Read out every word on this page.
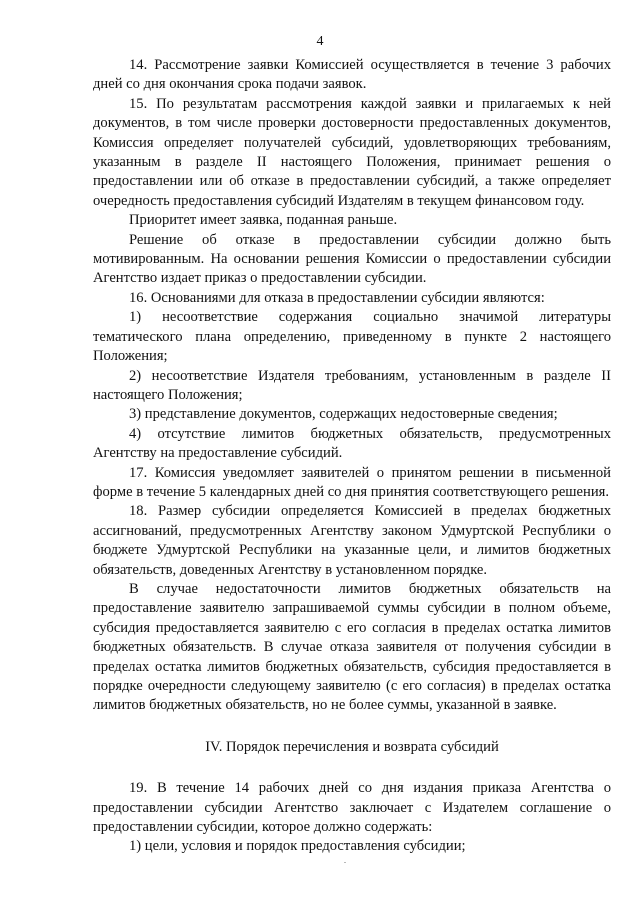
4

14. Рассмотрение заявки Комиссией осуществляется в течение 3 рабочих дней со дня окончания срока подачи заявок.

15. По результатам рассмотрения каждой заявки и прилагаемых к ней документов, в том числе проверки достоверности предоставленных документов, Комиссия определяет получателей субсидий, удовлетворяющих требованиям, указанным в разделе II настоящего Положения, принимает решения о предоставлении или об отказе в предоставлении субсидий, а также определяет очередность предоставления субсидий Издателям в текущем финансовом году.

Приоритет имеет заявка, поданная раньше.

Решение об отказе в предоставлении субсидии должно быть мотивированным. На основании решения Комиссии о предоставлении субсидии Агентство издает приказ о предоставлении субсидии.

16. Основаниями для отказа в предоставлении субсидии являются:

1) несоответствие содержания социально значимой литературы тематического плана определению, приведенному в пункте 2 настоящего Положения;

2) несоответствие Издателя требованиям, установленным в разделе II настоящего Положения;

3) представление документов, содержащих недостоверные сведения;

4) отсутствие лимитов бюджетных обязательств, предусмотренных Агентству на предоставление субсидий.

17. Комиссия уведомляет заявителей о принятом решении в письменной форме в течение 5 календарных дней со дня принятия соответствующего решения.

18. Размер субсидии определяется Комиссией в пределах бюджетных ассигнований, предусмотренных Агентству законом Удмуртской Республики о бюджете Удмуртской Республики на указанные цели, и лимитов бюджетных обязательств, доведенных Агентству в установленном порядке.

В случае недостаточности лимитов бюджетных обязательств на предоставление заявителю запрашиваемой суммы субсидии в полном объеме, субсидия предоставляется заявителю с его согласия в пределах остатка лимитов бюджетных обязательств. В случае отказа заявителя от получения субсидии в пределах остатка лимитов бюджетных обязательств, субсидия предоставляется в порядке очередности следующему заявителю (с его согласия) в пределах остатка лимитов бюджетных обязательств, но не более суммы, указанной в заявке.

IV. Порядок перечисления и возврата субсидий

19. В течение 14 рабочих дней со дня издания приказа Агентства о предоставлении субсидии Агентство заключает с Издателем соглашение о предоставлении субсидии, которое должно содержать:

1) цели, условия и порядок предоставления субсидии;
